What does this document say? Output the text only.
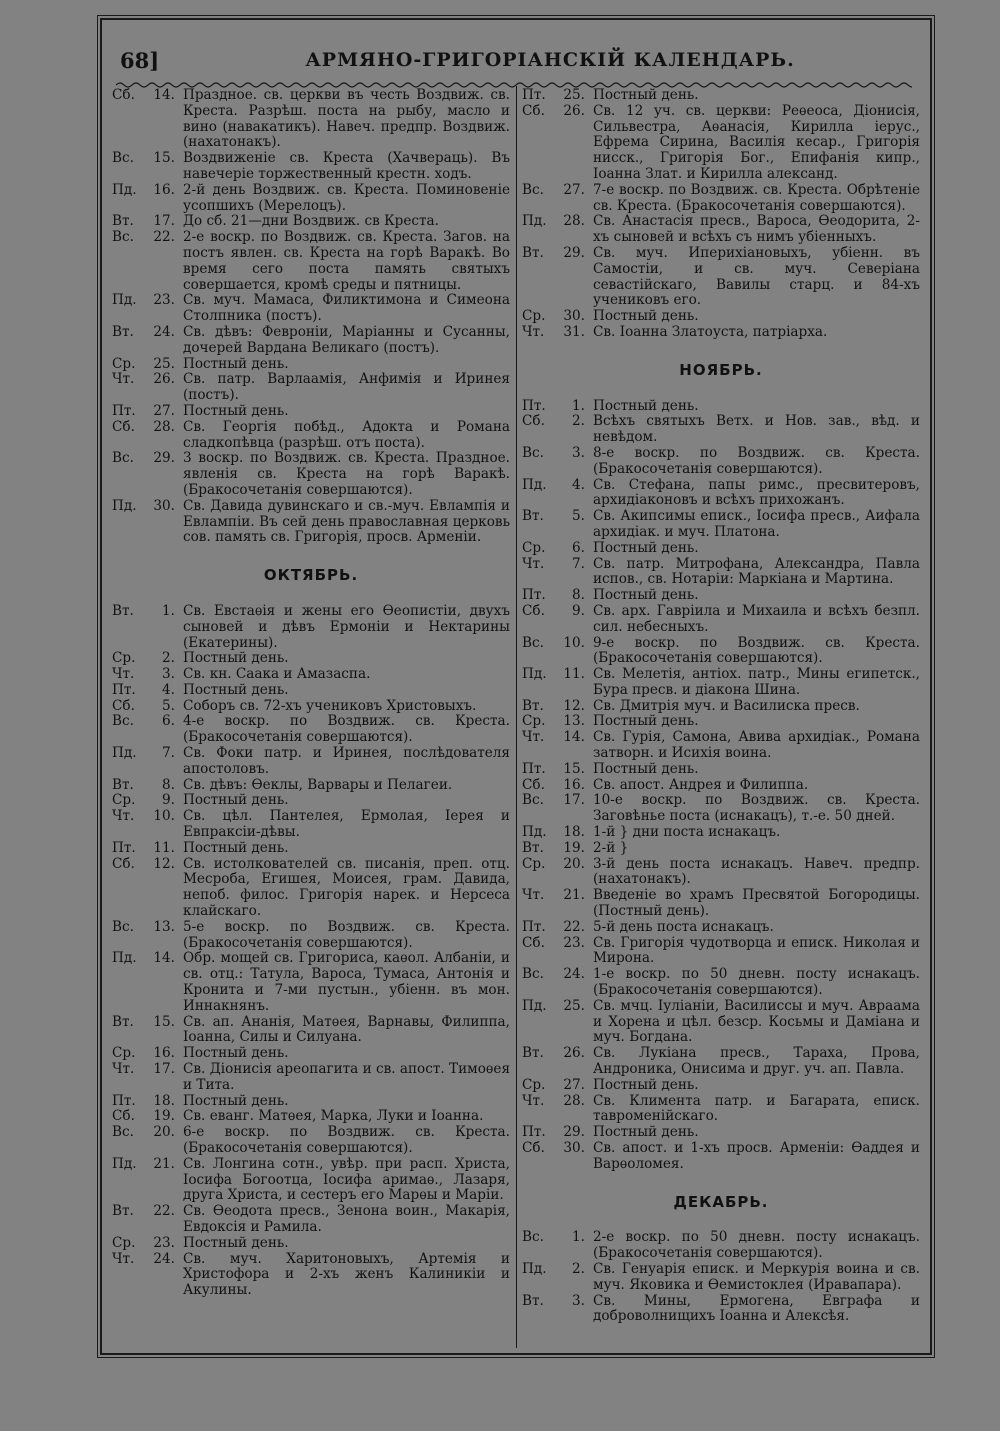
68]	АРМЯНО-ГРИГОРІАНСКІЙ КАЛЕНДАРЬ.
Сб.	14. Праздное. св. церкви въ честь Воздвиж. св. Креста. Разрѣш. поста на рыбу, масло и вино (навакатикъ). Навеч. предпр. Воздвиж. (нахатонакъ).
Вс.	15. Воздвиженіе св. Креста (Хачвераць). Въ навечеріе торжественный крестн. ходъ.
Пд.	16. 2-й день Воздвиж. св. Креста. Поминовеніе усопшихъ (Мерелоцъ).
Вт.	17. До сб. 21—дни Воздвиж. св Креста.
Вс.	22. 2-е воскр. по Воздвиж. св. Креста. Загов. на постъ явлен. св. Креста на горѣ Варакѣ. Во время сего поста память святыхъ совершается, кромѣ среды и пятницы.
Пд.	23. Св. муч. Мамаса, Филиктимона и Симеона Столпника (постъ).
Вт.	24. Св. дѣвъ: Февроніи, Маріанны и Сусанны, дочерей Вардана Великаго (постъ).
Ср.	25. Постный день.
Чт.	26. Св. патр. Варлаамія, Анфимія и Иринея (постъ).
Пт.	27. Постный день.
Сб.	28. Св. Георгія побѣд., Адокта и Романа сладкопѣвца (разрѣш. отъ поста).
Вс.	29. 3 воскр. по Воздвиж. св. Креста. Праздное. явленія св. Креста на горѣ Варакѣ. (Бракосочетанія совершаются).
Пд.	30. Св. Давида дувинскаго и св.-муч. Евлампія и Евлампіи. Въ сей день православная церковь сов. память св. Григорія, просв. Арменіи.
ОКТЯБРЬ.
Вт.	1. Св. Евстаѳія и жены его Ѳеопистіи, двухъ сыновей и дѣвъ Ермоніи и Нектарины (Екатерины).
Ср.	2. Постный день.
Чт.	3. Св. кн. Саака и Амазаспа.
Пт.	4. Постный день.
Сб.	5. Соборъ св. 72-хъ учениковъ Христовыхъ.
Вс.	6. 4-е воскр. по Воздвиж. св. Креста. (Бракосочетанія совершаются).
Пд.	7. Св. Фоки патр. и Иринея, послѣдователя апостоловъ.
Вт.	8. Св. дѣвъ: Ѳеклы, Варвары и Пелагеи.
Ср.	9. Постный день.
Чт.	10. Св. цѣл. Пантелея, Ермолая, Іерея и Евпраксіи-дѣвы.
Пт.	11. Постный день.
Сб.	12. Св. истолкователей св. писанія, преп. отц. Месроба, Егишея, Моисея, грам. Давида, непоб. филос. Григорія нарек. и Нерсеса клайскаго.
Вс.	13. 5-е воскр. по Воздвиж. св. Креста. (Бракосочетанія совершаются).
Пд.	14. Обр. мощей св. Григориса, каѳол. Албаніи, и св. отц.: Татула, Вароса, Тумаса, Антонія и Кронита и 7-ми пустын., убіенн. въ мон. Иннакнянъ.
Вт.	15. Св. ап. Ананія, Матѳея, Варнавы, Филиппа, Іоанна, Силы и Силуана.
Ср.	16. Постный день.
Чт.	17. Св. Діонисія ареопагита и св. апост. Тимоѳея и Тита.
Пт.	18. Постный день.
Сб.	19. Св. еванг. Матѳея, Марка, Луки и Іоанна.
Вс.	20. 6-е воскр. по Воздвиж. св. Креста. (Бракосочетанія совершаются).
Пд.	21. Св. Лонгина сотн., увѣр. при расп. Христа, Іосифа Богоотца, Іосифа аримаѳ., Лазаря, друга Христа, и сестеръ его Марѳы и Маріи.
Вт.	22. Св. Ѳеодота пресв., Зенона воин., Макарія, Евдоксія и Рамила.
Ср.	23. Постный день.
Чт.	24. Св. муч. Харитоновыхъ, Артемія и Христофора и 2-хъ женъ Калиникіи и Акулины.
Пт.	25. Постный день.
Сб.	26. Св. 12 уч. св. церкви: Реѳеоса, Діонисія, Сильвестра, Аѳанасія, Кирилла іерус., Ефрема Сирина, Василія кесар., Григорія нисск., Григорія Бог., Епифанія кипр., Іоанна Злат. и Кирилла александ.
Вс.	27. 7-е воскр. по Воздвиж. св. Креста. Обрѣтеніе св. Креста. (Бракосочетанія совершаются).
Пд.	28. Св. Анастасія пресв., Вароса, Ѳеодорита, 2-хъ сыновей и всѣхъ съ нимъ убіенныхъ.
Вт.	29. Св. муч. Иперихіановыхъ, убіенн. въ Самостіи, и св. муч. Северіана севастійскаго, Вавилы старц. и 84-хъ учениковъ его.
Ср.	30. Постный день.
Чт.	31. Св. Іоанна Златоуста, патріарха.
НОЯБРЬ.
Пт.	1. Постный день.
Сб.	2. Всѣхъ святыхъ Ветх. и Нов. зав., вѣд. и невѣдом.
Вс.	3. 8-е воскр. по Воздвиж. св. Креста. (Бракосочетанія совершаются).
Пд.	4. Св. Стефана, папы римс., пресвитеровъ, архидіаконовъ и всѣхъ прихожанъ.
Вт.	5. Св. Акипсимы еписк., Іосифа пресв., Аифала архидіак. и муч. Платона.
Ср.	6. Постный день.
Чт.	7. Св. патр. Митрофана, Александра, Павла испов., св. Нотаріи: Маркіана и Мартина.
Пт.	8. Постный день.
Сб.	9. Св. арх. Гавріила и Михаила и всѣхъ безпл. сил. небесныхъ.
Вс.	10. 9-е воскр. по Воздвиж. св. Креста. (Бракосочетанія совершаются).
Пд.	11. Св. Мелетія, антіох. патр., Мины египетск., Бура пресв. и діакона Шина.
Вт.	12. Св. Дмитрія муч. и Василиска пресв.
Ср.	13. Постный день.
Чт.	14. Св. Гурія, Самона, Авива архидіак., Романа затворн. и Исихія воина.
Пт.	15. Постный день.
Сб.	16. Св. апост. Андрея и Филиппа.
Вс.	17. 10-е воскр. по Воздвиж. св. Креста. Заговѣнье поста (иснакацъ), т.-е. 50 дней.
Пд.	18. 1-й } дни поста иснакацъ.
Вт.	19. 2-й }
Ср.	20. 3-й день поста иснакацъ. Навеч. предпр. (нахатонакъ).
Чт.	21. Введеніе во храмъ Пресвятой Богородицы. (Постный день).
Пт.	22. 5-й день поста иснакацъ.
Сб.	23. Св. Григорія чудотворца и еписк. Николая и Мирона.
Вс.	24. 1-е воскр. по 50 дневн. посту иснакацъ. (Бракосочетанія совершаются).
Пд.	25. Св. мчц. Іуліаніи, Василиссы и муч. Авраама и Хорена и цѣл. безср. Косьмы и Даміана и муч. Богдана.
Вт.	26. Св. Лукіана пресв., Тараха, Прова, Андроника, Онисима и друг. уч. ап. Павла.
Ср.	27. Постный день.
Чт.	28. Св. Климента патр. и Багарата, еписк. тавроменійскаго.
Пт.	29. Постный день.
Сб.	30. Св. апост. и 1-хъ просв. Арменіи: Ѳаддея и Варѳоломея.
ДЕКАБРЬ.
Вс.	1. 2-е воскр. по 50 дневн. посту иснакацъ. (Бракосочетанія совершаются).
Пд.	2. Св. Генуарія еписк. и Меркурія воина и св. муч. Яковика и Ѳемистоклея (Иравапара).
Вт.	3. Св. Мины, Ермогена, Евграфа и доброволнищихъ Іоанна и Алексѣя.
